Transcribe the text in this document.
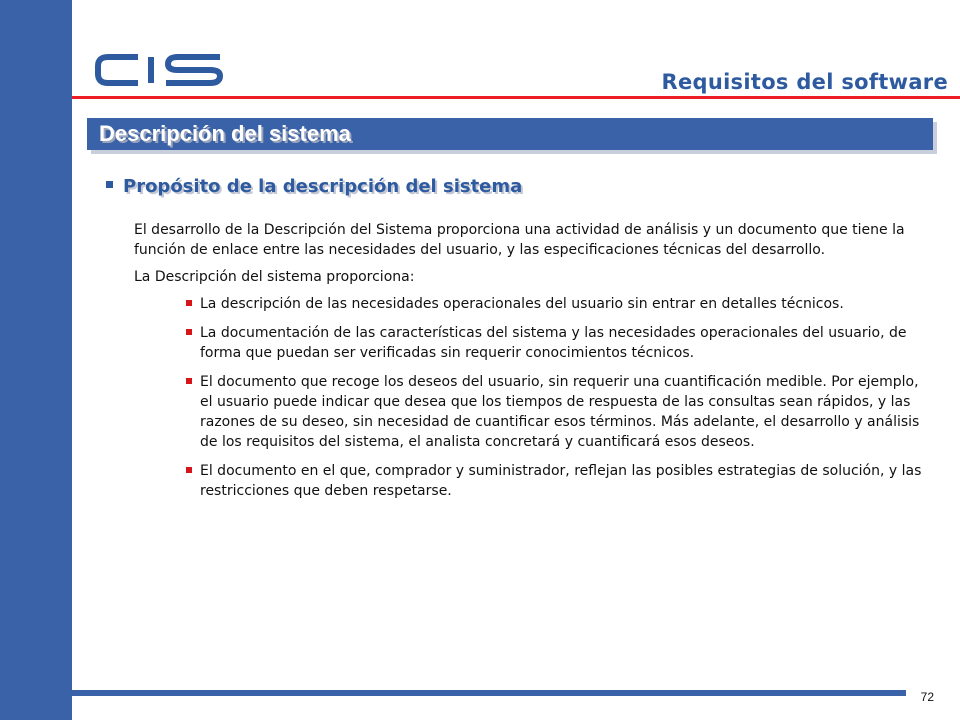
Requisitos del software
Descripción del sistema
Propósito de la descripción del sistema

El desarrollo de la Descripción del Sistema proporciona una actividad de análisis y un documento que tiene la función de enlace entre las necesidades del usuario, y las especificaciones técnicas del desarrollo.

La Descripción del sistema proporciona:

La descripción de las necesidades operacionales del usuario sin entrar en detalles técnicos.
La documentación de las características del sistema y las necesidades operacionales del usuario, de forma que puedan ser verificadas sin requerir conocimientos técnicos.
El documento que recoge los deseos del usuario, sin requerir una cuantificación medible. Por ejemplo, el usuario puede indicar que desea que los tiempos de respuesta de las consultas sean rápidos, y las razones de su deseo, sin necesidad de cuantificar esos términos. Más adelante, el desarrollo y análisis de los requisitos del sistema, el analista concretará y cuantificará esos deseos.
El documento en el que, comprador y suministrador, reflejan las posibles estrategias de solución, y las restricciones que deben respetarse.
72
